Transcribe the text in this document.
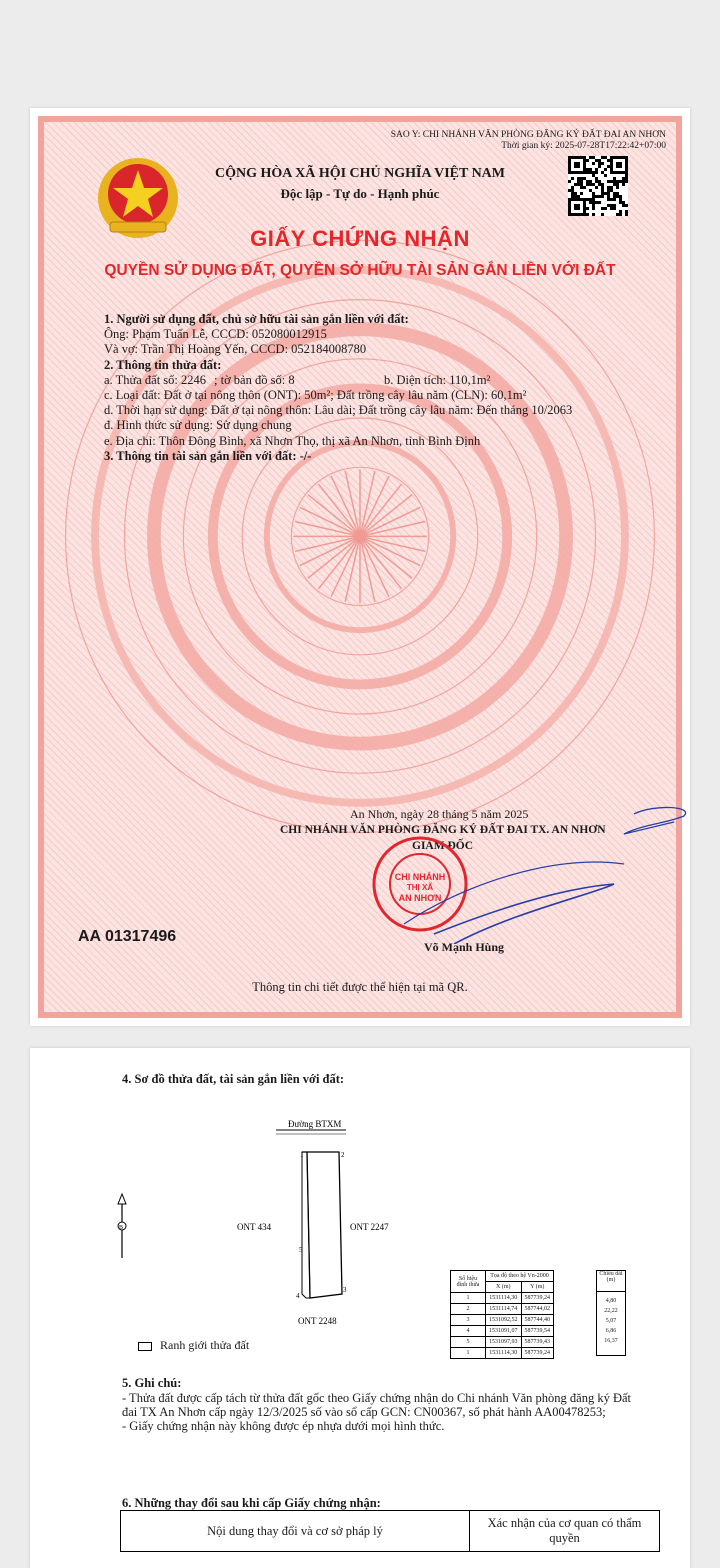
SAO Y: CHI NHÁNH VĂN PHÒNG ĐĂNG KÝ ĐẤT ĐAI AN NHƠN
Thời gian ký: 2025-07-28T17:22:42+07:00
CỘNG HÒA XÃ HỘI CHỦ NGHĨA VIỆT NAM
Độc lập - Tự do - Hạnh phúc
GIẤY CHỨNG NHẬN
QUYỀN SỬ DỤNG ĐẤT, QUYỀN SỞ HỮU TÀI SẢN GẮN LIỀN VỚI ĐẤT
1. Người sử dụng đất, chủ sở hữu tài sản gắn liền với đất:
Ông: Phạm Tuấn Lễ, CCCD: 052080012915
Và vợ: Trần Thị Hoàng Yến, CCCD: 052184008780
2. Thông tin thửa đất:
a. Thửa đất số: 2246 ; tờ bản đồ số: 8	b. Diện tích: 110,1m²
c. Loại đất: Đất ở tại nông thôn (ONT): 50m²; Đất trồng cây lâu năm (CLN): 60,1m²
d. Thời hạn sử dụng: Đất ở tại nông thôn: Lâu dài; Đất trồng cây lâu năm: Đến tháng 10/2063
đ. Hình thức sử dụng: Sử dụng chung
e. Địa chỉ: Thôn Đông Bình, xã Nhơn Thọ, thị xã An Nhơn, tỉnh Bình Định
3. Thông tin tài sản gắn liền với đất: -/-
An Nhơn, ngày 28 tháng 5 năm 2025
CHI NHÁNH VĂN PHÒNG ĐĂNG KÝ ĐẤT ĐAI TX. AN NHƠN
GIÁM ĐỐC
CHI NHÁNH
THỊ XÃ
AN NHƠN
AA 01317496
Võ Mạnh Hùng
Thông tin chi tiết được thể hiện tại mã QR.
4. Sơ đồ thửa đất, tài sản gắn liền với đất:
Đường BTXM
1	2
3
4
5
ONT 434	ONT 2247
ONT 2248
B
Số hiệu đỉnh thửa	Tọa độ theo hệ Vn-2000	
	X (m)	Y (m)
1	1531114,30	587739,24
2	1531114,74	587744,02
3	1531092,52	587744,40
4	1531091,07	587739,54
5	1531097,93	587739,43
1	1531114,30	587739,24
Chiều dài (m)
4,80
22,22
5,07
6,86
16,37
Ranh giới thửa đất
5. Ghi chú:
- Thửa đất được cấp tách từ thửa đất gốc theo Giấy chứng nhận do Chi nhánh Văn phòng đăng ký Đất đai TX An Nhơn cấp ngày 12/3/2025 số vào sổ cấp GCN: CN00367, số phát hành AA00478253;
- Giấy chứng nhận này không được ép nhựa dưới mọi hình thức.
6. Những thay đổi sau khi cấp Giấy chứng nhận:
Nội dung thay đổi và cơ sở pháp lý	Xác nhận của cơ quan có thẩm quyền
